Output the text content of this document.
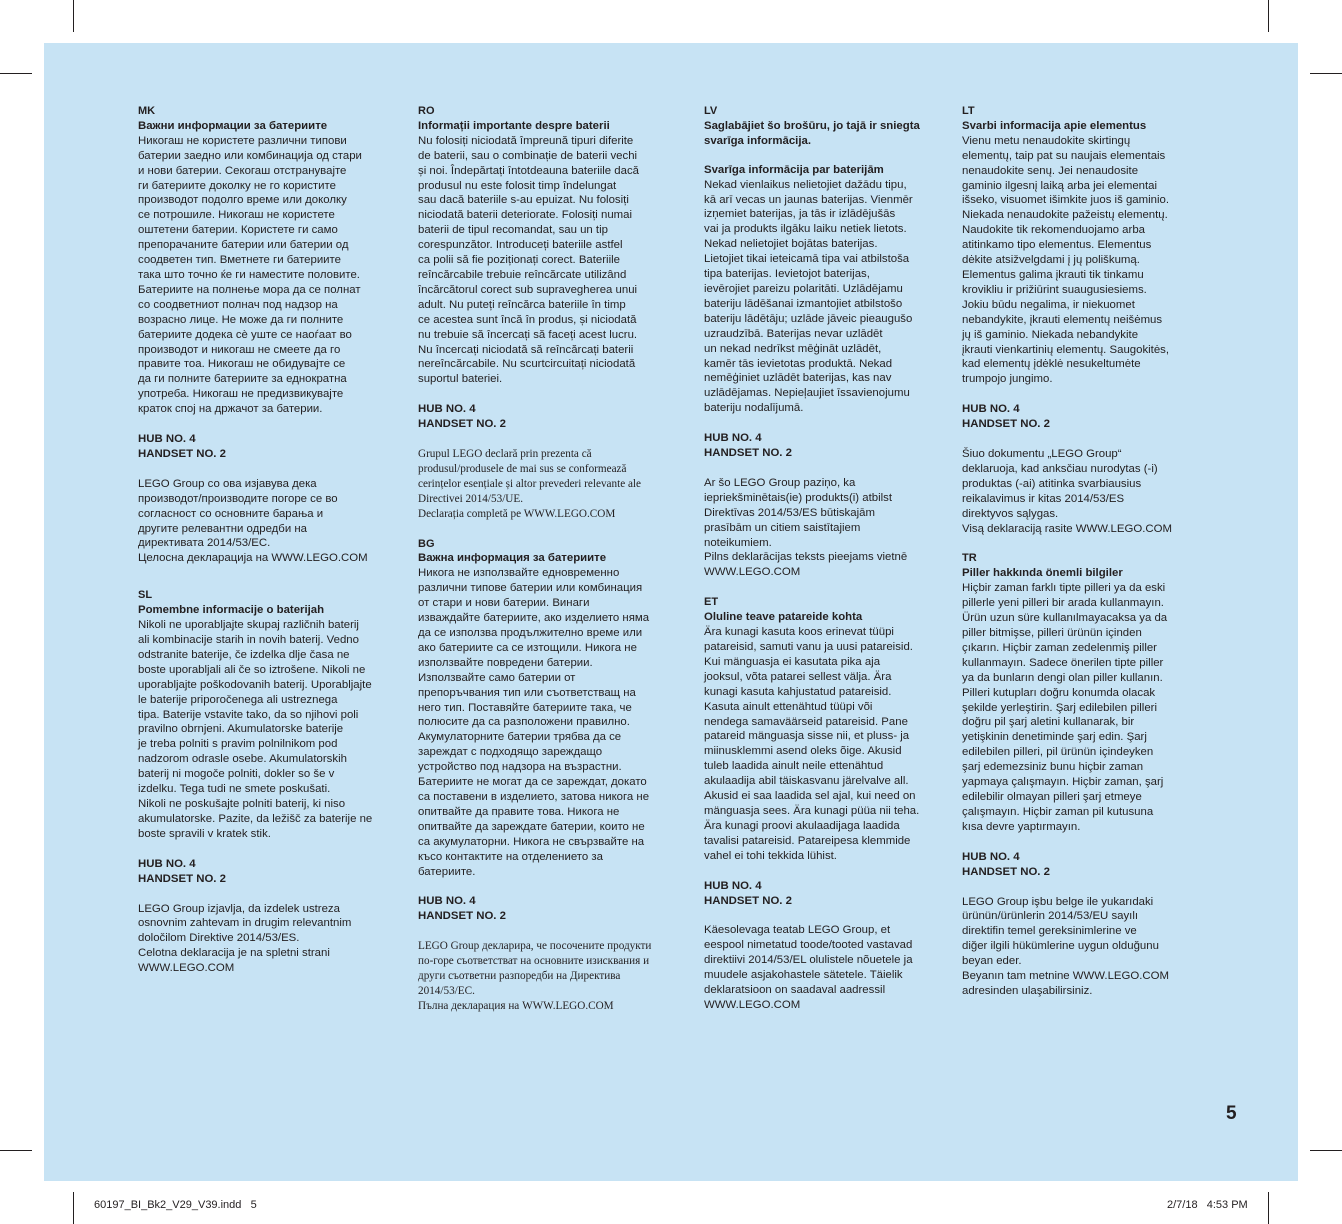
MK
Важни информации за батериите
Никогаш не користете различни типови
батерии заедно или комбинација од стари
и нови батерии. Секогаш отстранувајте
ги батериите доколку не го користите
производот подолго време или доколку
се потрошиле. Никогаш не користете
оштетени батерии. Користете ги само
препорачаните батерии или батерии од
соодветен тип. Вметнете ги батериите
така што точно ќе ги наместите половите.
Батериите на полнење мора да се полнат
со соодветниот полнач под надзор на
возрасно лице. Не може да ги полните
батериите додека сè уште се наоѓаат во
производот и никогаш не смеете да го
правите тоа. Никогаш не обидувајте се
да ги полните батериите за еднократна
употреба. Никогаш не предизвикувајте
краток спој на држачот за батерии.
HUB NO. 4
HANDSET NO. 2
LEGO Group со ова изјавува дека
производот/производите погоре се во
согласност со основните барања и
другите релевантни одредби на
директивата 2014/53/ЕС.
Целосна декларација на WWW.LEGO.COM
SL
Pomembne informacije o baterijah
Nikoli ne uporabljajte skupaj različnih baterij
ali kombinacije starih in novih baterij. Vedno
odstranite baterije, če izdelka dlje časa ne
boste uporabljali ali če so iztrošene. Nikoli ne
uporabljajte poškodovanih baterij. Uporabljajte
le baterije priporočenega ali ustreznega
tipa. Baterije vstavite tako, da so njihovi poli
pravilno obrnjeni. Akumulatorske baterije
je treba polniti s pravim polnilnikom pod
nadzorom odrasle osebe. Akumulatorskih
baterij ni mogoče polniti, dokler so še v
izdelku. Tega tudi ne smete poskušati.
Nikoli ne poskušajte polniti baterij, ki niso
akumulatorske. Pazite, da ležišč za baterije ne
boste spravili v kratek stik.
HUB NO. 4
HANDSET NO. 2
LEGO Group izjavlja, da izdelek ustreza
osnovnim zahtevam in drugim relevantnim
določilom Direktive 2014/53/ES.
Celotna deklaracija je na spletni strani
WWW.LEGO.COM
RO
Informații importante despre baterii
Nu folosiți niciodată împreună tipuri diferite
de baterii, sau o combinație de baterii vechi
și noi. Îndepărtați întotdeauna bateriile dacă
produsul nu este folosit timp îndelungat
sau dacă bateriile s-au epuizat. Nu folosiți
niciodată baterii deteriorate. Folosiți numai
baterii de tipul recomandat, sau un tip
corespunzător. Introduceți bateriile astfel
ca polii să fie poziționați corect. Bateriile
reîncărcabile trebuie reîncărcate utilizând
încărcătorul corect sub supravegherea unui
adult. Nu puteți reîncărca bateriile în timp
ce acestea sunt încă în produs, și niciodată
nu trebuie să încercați să faceți acest lucru.
Nu încercați niciodată să reîncărcați baterii
nereîncărcabile. Nu scurtcircuitați niciodată
suportul bateriei.
HUB NO. 4
HANDSET NO. 2
Grupul LEGO declară prin prezenta că
produsul/produsele de mai sus se conformează
cerințelor esențiale și altor prevederi relevante ale
Directivei 2014/53/UE.
Declarația completă pe WWW.LEGO.COM
BG
Важна информация за батериите
Никога не използвайте едновременно
различни типове батерии или комбинация
от стари и нови батерии. Винаги
изваждайте батериите, ако изделието няма
да се използва продължително време или
ако батериите са се изтощили. Никога не
използвайте повредени батерии.
Използвайте само батерии от
препоръчвания тип или съответстващ на
него тип. Поставяйте батериите така, че
полюсите да са разположени правилно.
Акумулаторните батерии трябва да се
зареждат с подходящо зареждащо
устройство под надзора на възрастни.
Батериите не могат да се зареждат, докато
са поставени в изделието, затова никога не
опитвайте да правите това. Никога не
опитвайте да зареждате батерии, които не
са акумулаторни. Никога не свързвайте на
късо контактите на отделението за
батериите.
HUB NO. 4
HANDSET NO. 2
LEGO Group декларира, че посочените продукти
по-горе съответстват на основните изисквания и
други съответни разпоредби на Директива
2014/53/ЕС.
Пълна декларация на WWW.LEGO.COM
LV
Saglabājiet šo brošūru, jo tajā ir sniegta
svarīga informācija.
Svarīga informācija par baterijām
Nekad vienlaikus nelietojiet dažādu tipu,
kā arī vecas un jaunas baterijas. Vienmēr
izņemiet baterijas, ja tās ir izlādējušās
vai ja produkts ilgāku laiku netiek lietots.
Nekad nelietojiet bojātas baterijas.
Lietojiet tikai ieteicamā tipa vai atbilstoša
tipa baterijas. Ievietojot baterijas,
ievērojiet pareizu polaritāti. Uzlādējamu
bateriju lādēšanai izmantojiet atbilstošo
bateriju lādētāju; uzlāde jāveic pieaugušo
uzraudzībā. Baterijas nevar uzlādēt
un nekad nedrīkst mēģināt uzlādēt,
kamēr tās ievietotas produktā. Nekad
nemēģiniet uzlādēt baterijas, kas nav
uzlādējamas. Nepieļaujiet īssavienojumu
bateriju nodalījumā.
HUB NO. 4
HANDSET NO. 2
Ar šo LEGO Group paziņo, ka
iepriekšminētais(ie) produkts(i) atbilst
Direktīvas 2014/53/ES būtiskajām
prasībām un citiem saistītajiem
noteikumiem.
Pilns deklarācijas teksts pieejams vietnē
WWW.LEGO.COM
ET
Oluline teave patareide kohta
Ära kunagi kasuta koos erinevat tüüpi
patareisid, samuti vanu ja uusi patareisid.
Kui mänguasja ei kasutata pika aja
jooksul, võta patarei sellest välja. Ära
kunagi kasuta kahjustatud patareisid.
Kasuta ainult ettenähtud tüüpi või
nendega samaväärseid patareisid. Pane
patareid mänguasja sisse nii, et pluss- ja
miinusklemmi asend oleks õige. Akusid
tuleb laadida ainult neile ettenähtud
akulaadija abil täiskasvanu järelvalve all.
Akusid ei saa laadida sel ajal, kui need on
mänguasja sees. Ära kunagi püüa nii teha.
Ära kunagi proovi akulaadijaga laadida
tavalisi patareisid. Patareipesa klemmide
vahel ei tohi tekkida lühist.
HUB NO. 4
HANDSET NO. 2
Käesolevaga teatab LEGO Group, et
eespool nimetatud toode/tooted vastavad
direktiivi 2014/53/EL olulistele nõuetele ja
muudele asjakohastele sätetele. Täielik
deklaratsioon on saadaval aadressil
WWW.LEGO.COM
LT
Svarbi informacija apie elementus
Vienu metu nenaudokite skirtingų
elementų, taip pat su naujais elementais
nenaudokite senų. Jei nenaudosite
gaminio ilgesnį laiką arba jei elementai
išseko, visuomet išimkite juos iš gaminio.
Niekada nenaudokite pažeistų elementų.
Naudokite tik rekomenduojamo arba
atitinkamo tipo elementus. Elementus
dėkite atsižvelgdami į jų poliškumą.
Elementus galima įkrauti tik tinkamu
krovikliu ir prižiūrint suaugusiesiems.
Jokiu būdu negalima, ir niekuomet
nebandykite, įkrauti elementų neišėmus
jų iš gaminio. Niekada nebandykite
įkrauti vienkartinių elementų. Saugokitės,
kad elementų įdėklė nesukeltumėte
trumpojo jungimo.
HUB NO. 4
HANDSET NO. 2
Šiuo dokumentu „LEGO Group“
deklaruoja, kad anksčiau nurodytas (-i)
produktas (-ai) atitinka svarbiausius
reikalavimus ir kitas 2014/53/ES
direktyvos sąlygas.
Visą deklaraciją rasite WWW.LEGO.COM
TR
Piller hakkında önemli bilgiler
Hiçbir zaman farklı tipte pilleri ya da eski
pillerle yeni pilleri bir arada kullanmayın.
Ürün uzun süre kullanılmayacaksa ya da
piller bitmişse, pilleri ürünün içinden
çıkarın. Hiçbir zaman zedelenmiş piller
kullanmayın. Sadece önerilen tipte piller
ya da bunların dengi olan piller kullanın.
Pilleri kutupları doğru konumda olacak
şekilde yerleştirin. Şarj edilebilen pilleri
doğru pil şarj aletini kullanarak, bir
yetişkinin denetiminde şarj edin. Şarj
edilebilen pilleri, pil ürünün içindeyken
şarj edemezsiniz bunu hiçbir zaman
yapmaya çalışmayın. Hiçbir zaman, şarj
edilebilir olmayan pilleri şarj etmeye
çalışmayın. Hiçbir zaman pil kutusuna
kısa devre yaptırmayın.
HUB NO. 4
HANDSET NO. 2
LEGO Group işbu belge ile yukarıdaki
ürünün/ürünlerin 2014/53/EU sayılı
direktifin temel gereksinimlerine ve
diğer ilgili hükümlerine uygun olduğunu
beyan eder.
Beyanın tam metnine WWW.LEGO.COM
adresinden ulaşabilirsiniz.
5
60197_BI_Bk2_V29_V39.indd   5	2/7/18   4:53 PM
